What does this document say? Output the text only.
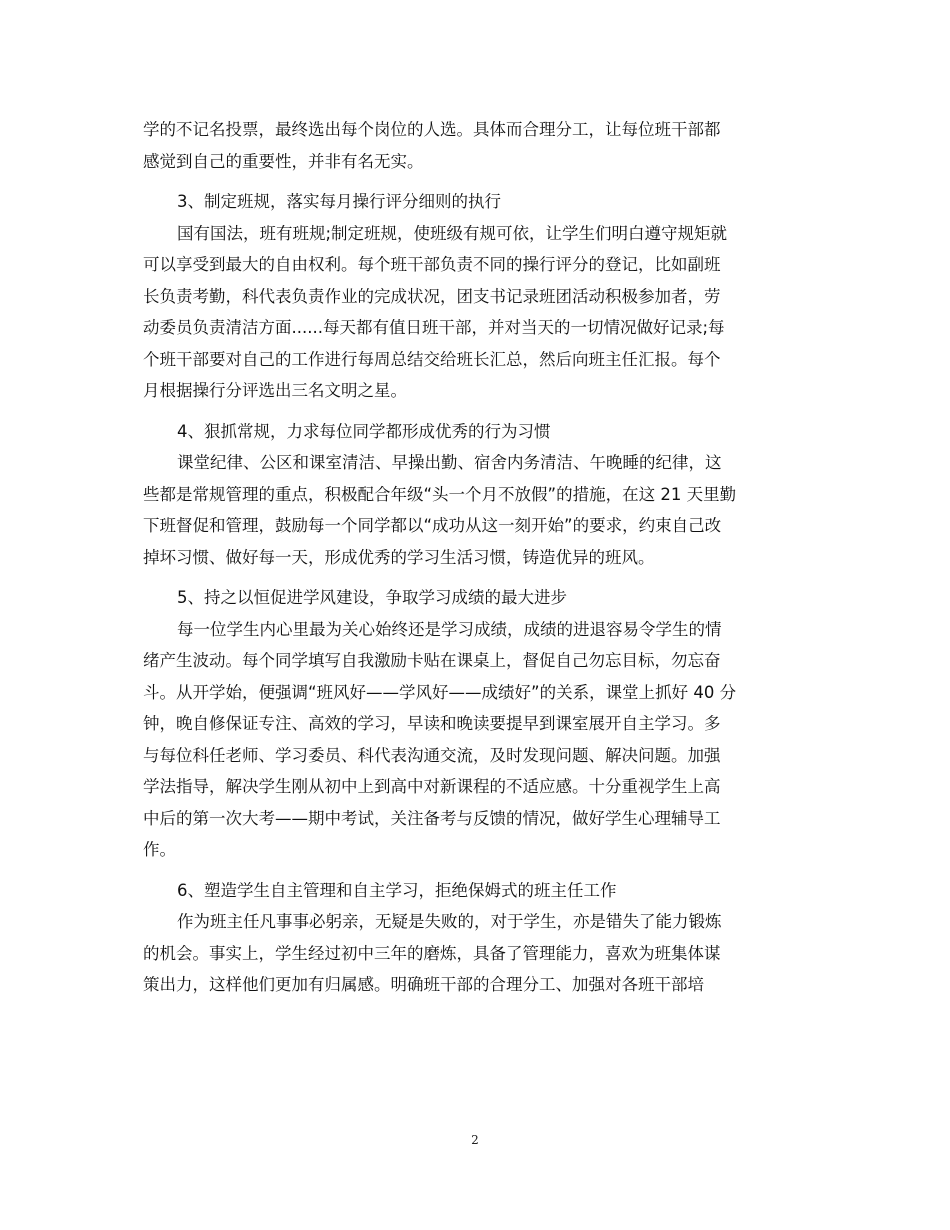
学的不记名投票，最终选出每个岗位的人选。具体而合理分工，让每位班干部都
感觉到自己的重要性，并非有名无实。
3、制定班规，落实每月操行评分细则的执行
国有国法，班有班规;制定班规，使班级有规可依，让学生们明白遵守规矩就
可以享受到最大的自由权利。每个班干部负责不同的操行评分的登记，比如副班
长负责考勤，科代表负责作业的完成状况，团支书记录班团活动积极参加者，劳
动委员负责清洁方面......每天都有值日班干部，并对当天的一切情况做好记录;每
个班干部要对自己的工作进行每周总结交给班长汇总，然后向班主任汇报。每个
月根据操行分评选出三名文明之星。
4、狠抓常规，力求每位同学都形成优秀的行为习惯
课堂纪律、公区和课室清洁、早操出勤、宿舍内务清洁、午晚睡的纪律，这
些都是常规管理的重点，积极配合年级“头一个月不放假”的措施，在这 21 天里勤
下班督促和管理，鼓励每一个同学都以“成功从这一刻开始”的要求，约束自己改
掉坏习惯、做好每一天，形成优秀的学习生活习惯，铸造优异的班风。
5、持之以恒促进学风建设，争取学习成绩的最大进步
每一位学生内心里最为关心始终还是学习成绩，成绩的进退容易令学生的情
绪产生波动。每个同学填写自我激励卡贴在课桌上，督促自己勿忘目标，勿忘奋
斗。从开学始，便强调“班风好——学风好——成绩好”的关系，课堂上抓好 40 分
钟，晚自修保证专注、高效的学习，早读和晚读要提早到课室展开自主学习。多
与每位科任老师、学习委员、科代表沟通交流，及时发现问题、解决问题。加强
学法指导，解决学生刚从初中上到高中对新课程的不适应感。十分重视学生上高
中后的第一次大考——期中考试，关注备考与反馈的情况，做好学生心理辅导工
作。
6、塑造学生自主管理和自主学习，拒绝保姆式的班主任工作
作为班主任凡事事必躬亲，无疑是失败的，对于学生，亦是错失了能力锻炼
的机会。事实上，学生经过初中三年的磨炼，具备了管理能力，喜欢为班集体谋
策出力，这样他们更加有归属感。明确班干部的合理分工、加强对各班干部培
2
